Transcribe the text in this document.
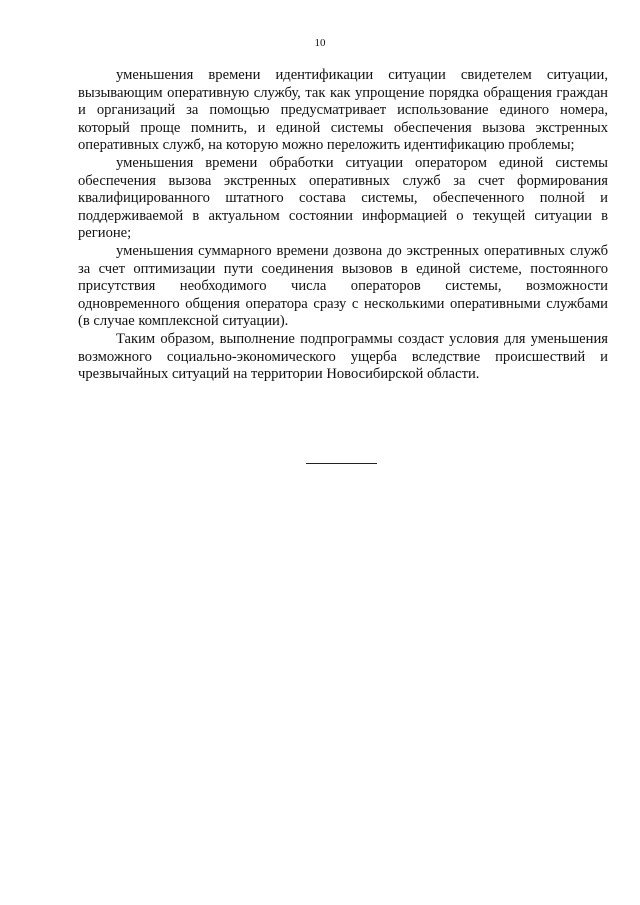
10

уменьшения времени идентификации ситуации свидетелем ситуации, вызывающим оперативную службу, так как упрощение порядка обращения граждан и организаций за помощью предусматривает использование единого номера, который проще помнить, и единой системы обеспечения вызова экстренных оперативных служб, на которую можно переложить идентификацию проблемы;

уменьшения времени обработки ситуации оператором единой системы обеспечения вызова экстренных оперативных служб за счет формирования квалифицированного штатного состава системы, обеспеченного полной и поддерживаемой в актуальном состоянии информацией о текущей ситуации в регионе;

уменьшения суммарного времени дозвона до экстренных оперативных служб за счет оптимизации пути соединения вызовов в единой системе, постоянного присутствия необходимого числа операторов системы, возможности одновременного общения оператора сразу с несколькими оперативными службами (в случае комплексной ситуации).

Таким образом, выполнение подпрограммы создаст условия для уменьшения возможного социально-экономического ущерба вследствие происшествий и чрезвычайных ситуаций на территории Новосибирской области.
